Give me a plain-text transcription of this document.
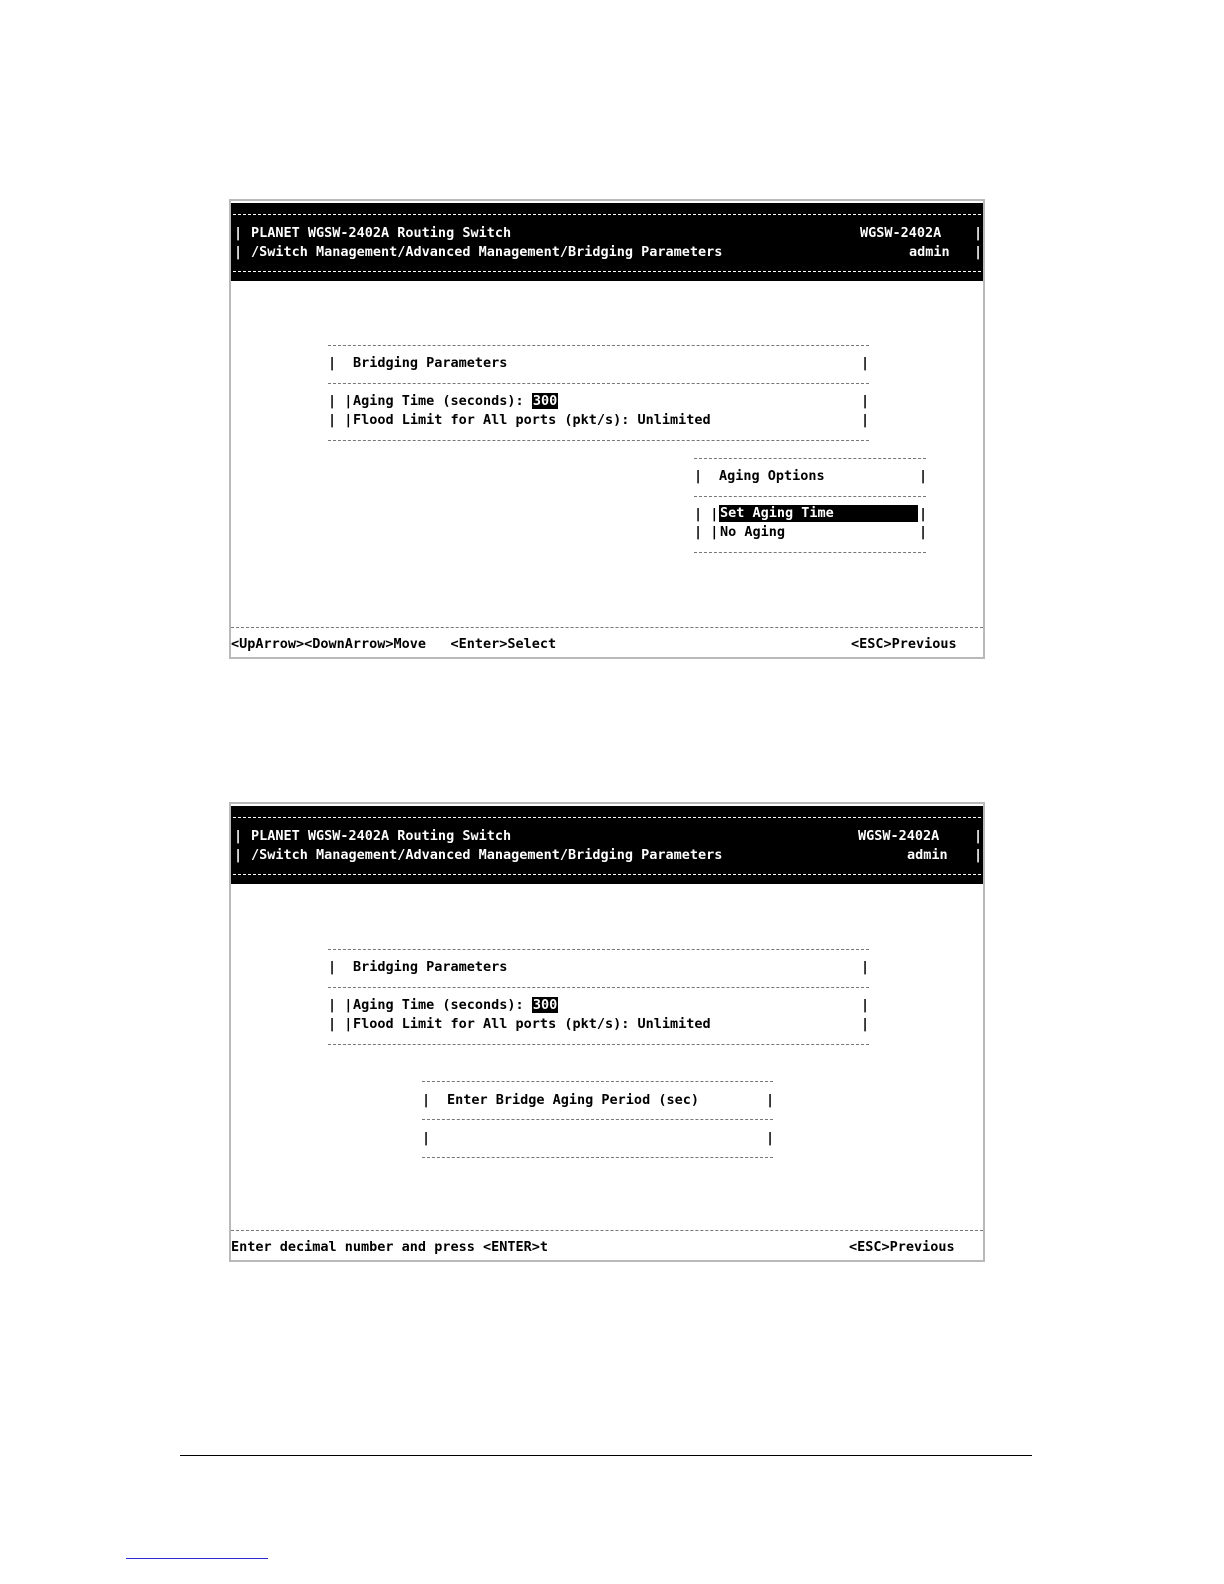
| PLANET WGSW-2402A Routing Switch	WGSW-2402A |
| /Switch Management/Advanced Management/Bridging Parameters	admin |
| Bridging Parameters	|
| | Aging Time (seconds): 300	|
| | Flood Limit for All ports (pkt/s): Unlimited	|
| Aging Options	|
| | Set Aging Time	|
| | No Aging	|
<UpArrow><DownArrow>Move   <Enter>Select	<ESC>Previous
| PLANET WGSW-2402A Routing Switch	WGSW-2402A	|
| /Switch Management/Advanced Management/Bridging Parameters	admin |
| Bridging Parameters	|
| | Aging Time (seconds): 300	|
| | Flood Limit for All ports (pkt/s): Unlimited	|
| Enter Bridge Aging Period (sec)	|
|	|
Enter decimal number and press <ENTER>t	<ESC>Previous
